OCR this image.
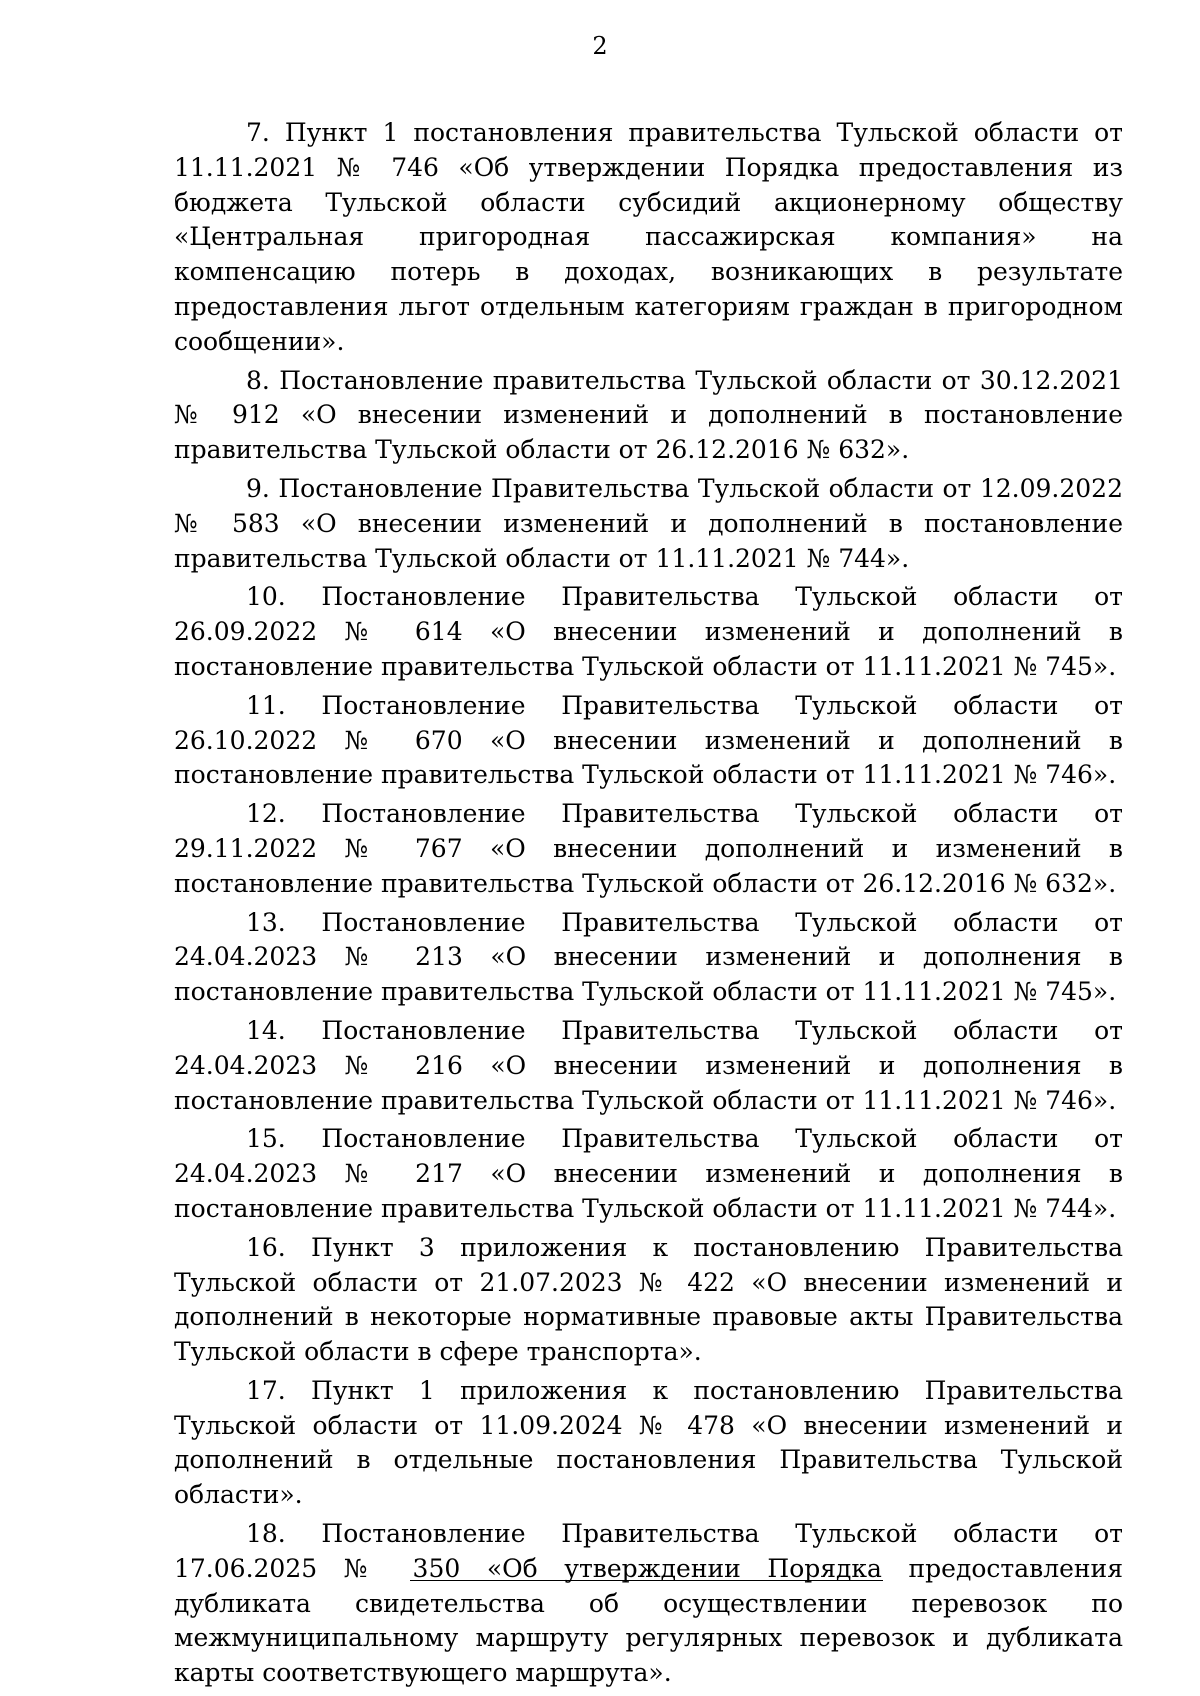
2

7. Пункт 1 постановления правительства Тульской области от 11.11.2021 № 746 «Об утверждении Порядка предоставления из бюджета Тульской области субсидий акционерному обществу «Центральная пригородная пассажирская компания» на компенсацию потерь в доходах, возникающих в результате предоставления льгот отдельным категориям граждан в пригородном сообщении».

8. Постановление правительства Тульской области от 30.12.2021 № 912 «О внесении изменений и дополнений в постановление правительства Тульской области от 26.12.2016 № 632».

9. Постановление Правительства Тульской области от 12.09.2022 № 583 «О внесении изменений и дополнений в постановление правительства Тульской области от 11.11.2021 № 744».

10. Постановление Правительства Тульской области от 26.09.2022 № 614 «О внесении изменений и дополнений в постановление правительства Тульской области от 11.11.2021 № 745».

11. Постановление Правительства Тульской области от 26.10.2022 № 670 «О внесении изменений и дополнений в постановление правительства Тульской области от 11.11.2021 № 746».

12. Постановление Правительства Тульской области от 29.11.2022 № 767 «О внесении дополнений и изменений в постановление правительства Тульской области от 26.12.2016 № 632».

13. Постановление Правительства Тульской области от 24.04.2023 № 213 «О внесении изменений и дополнения в постановление правительства Тульской области от 11.11.2021 № 745».

14. Постановление Правительства Тульской области от 24.04.2023 № 216 «О внесении изменений и дополнения в постановление правительства Тульской области от 11.11.2021 № 746».

15. Постановление Правительства Тульской области от 24.04.2023 № 217 «О внесении изменений и дополнения в постановление правительства Тульской области от 11.11.2021 № 744».

16. Пункт 3 приложения к постановлению Правительства Тульской области от 21.07.2023 № 422 «О внесении изменений и дополнений в некоторые нормативные правовые акты Правительства Тульской области в сфере транспорта».

17. Пункт 1 приложения к постановлению Правительства Тульской области от 11.09.2024 № 478 «О внесении изменений и дополнений в отдельные постановления Правительства Тульской области».

18. Постановление Правительства Тульской области от 17.06.2025 № 350 «Об утверждении Порядка предоставления дубликата свидетельства об осуществлении перевозок по межмуниципальному маршруту регулярных перевозок и дубликата карты соответствующего маршрута».
